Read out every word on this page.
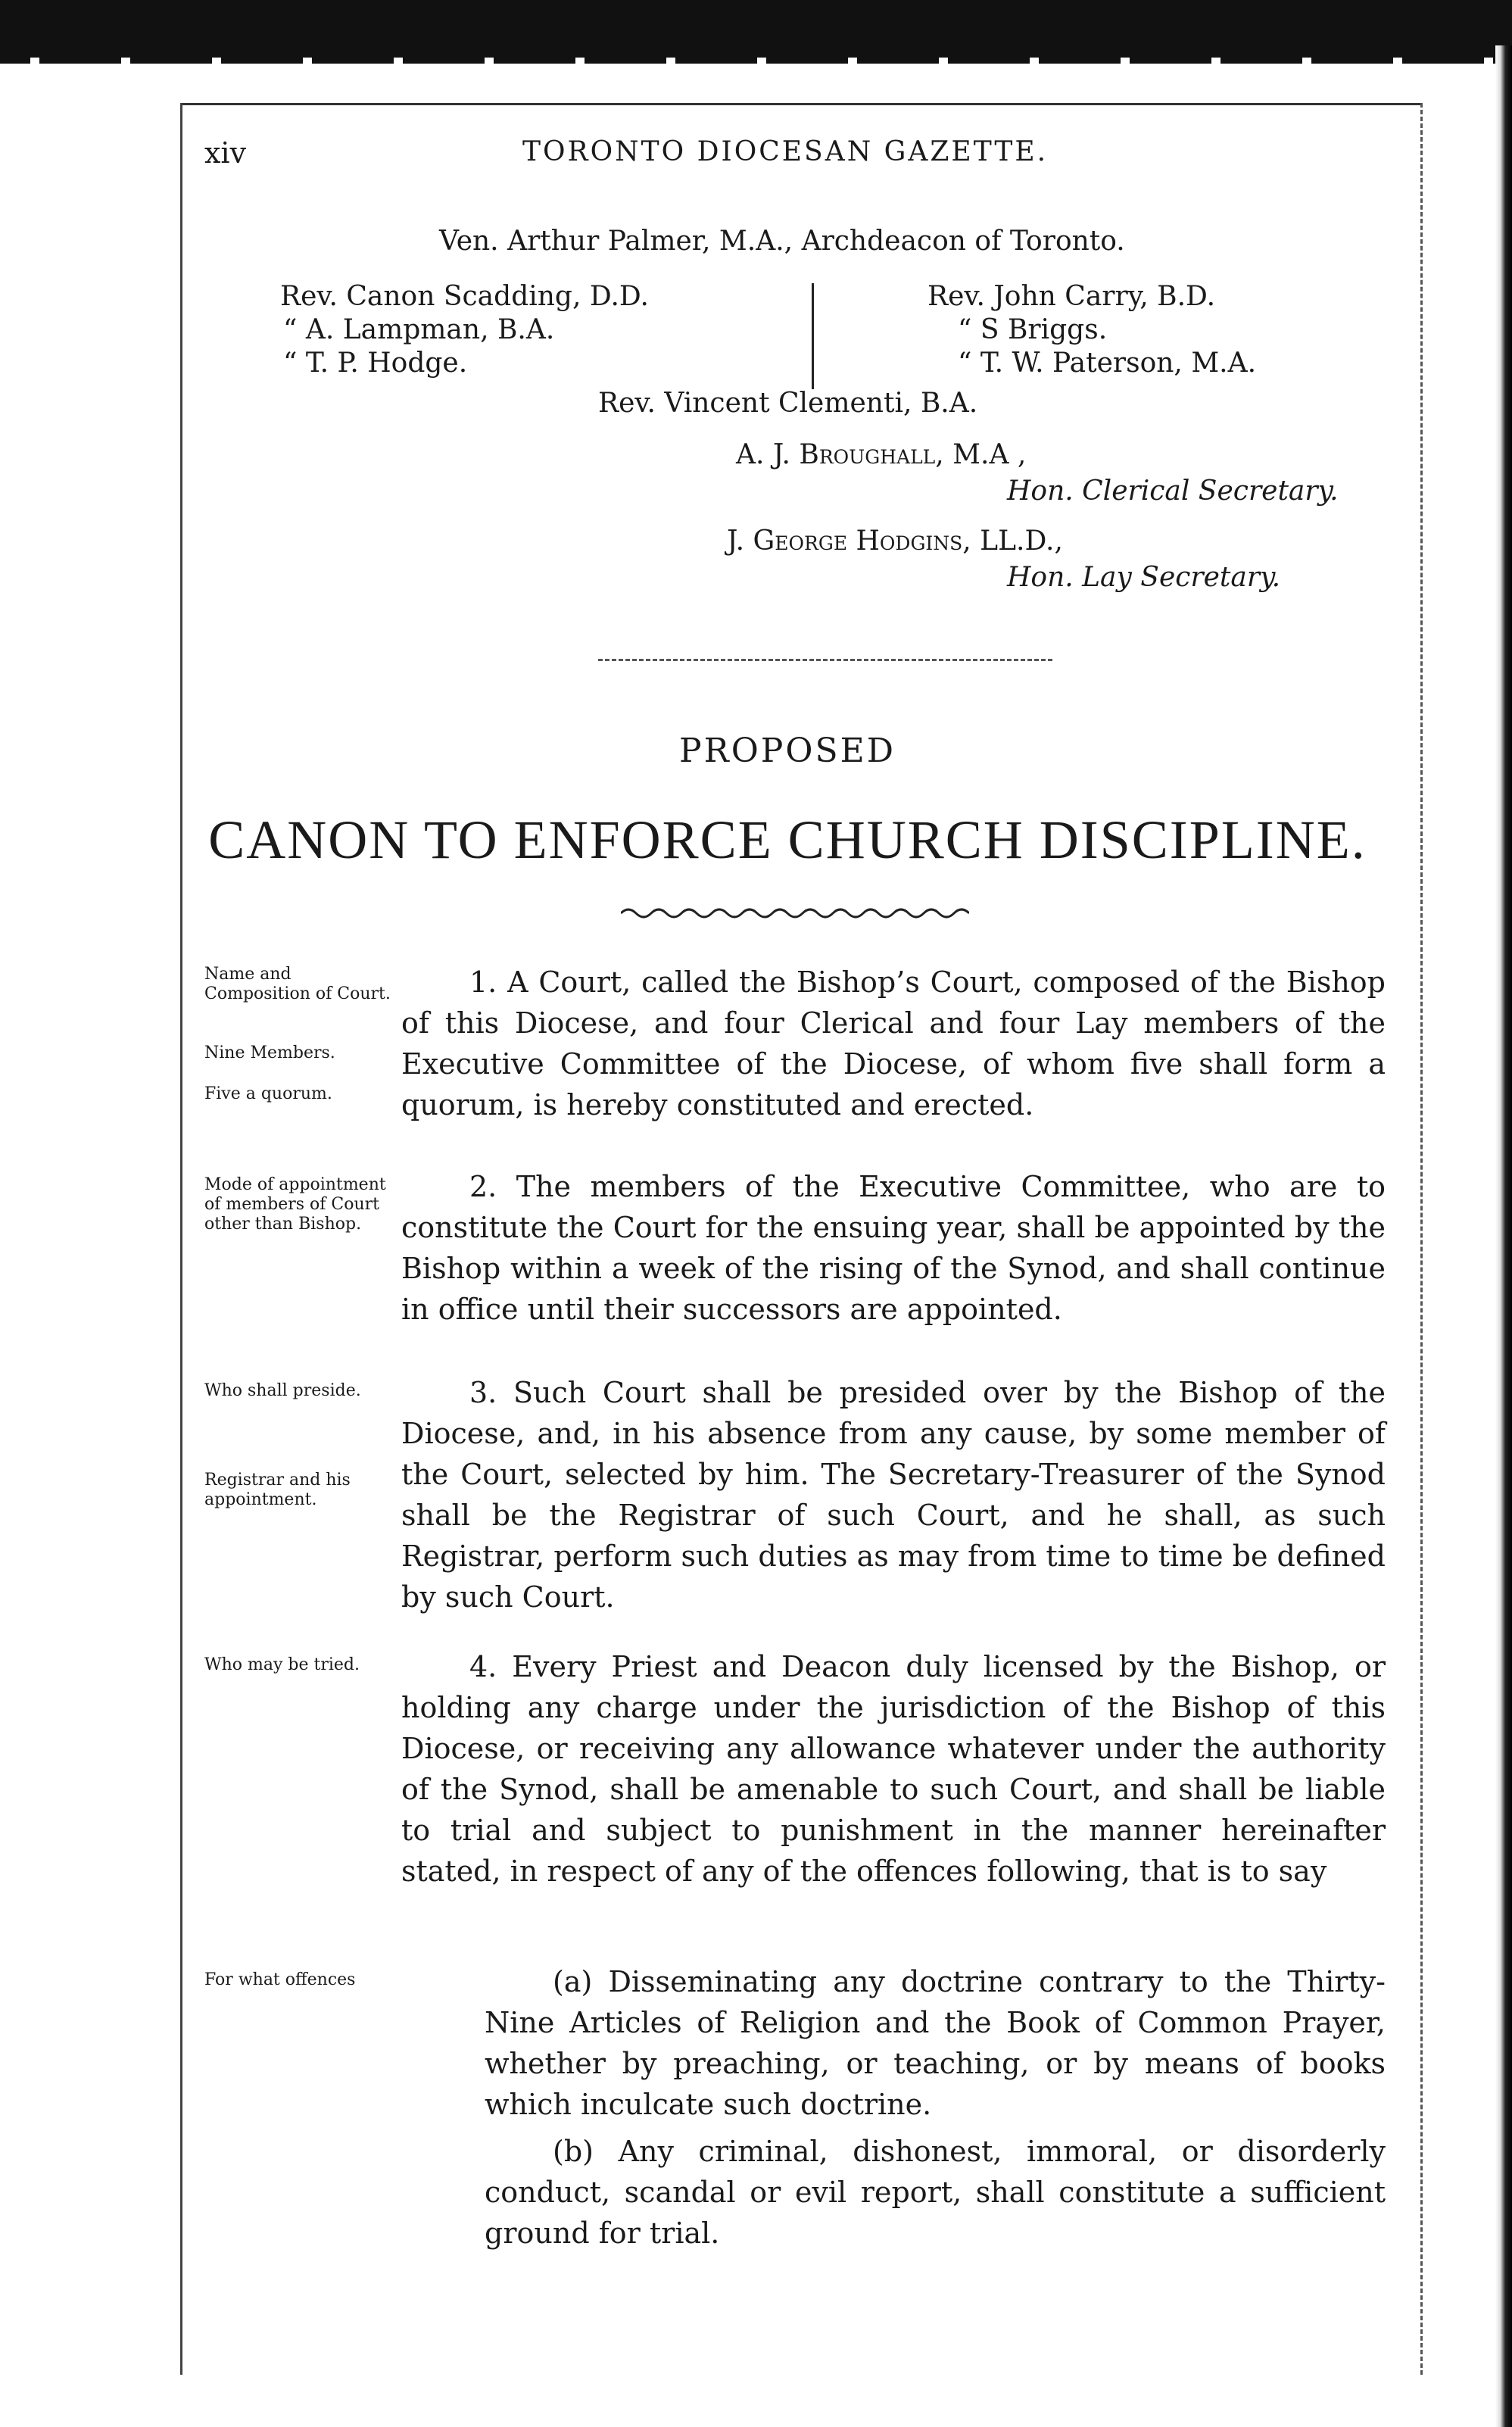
xiv	TORONTO DIOCESAN GAZETTE.
Ven. Arthur Palmer, M.A., Archdeacon of Toronto.
Rev. Canon Scadding, D.D.
“ A. Lampman, B.A.
“ T. P. Hodge.
Rev. John Carry, B.D.
“ S Briggs.
“ T. W. Paterson, M.A.
Rev. Vincent Clementi, B.A.
A. J. Broughall, M.A ,
Hon. Clerical Secretary.
J. George Hodgins, LL.D.,
Hon. Lay Secretary.
PROPOSED
CANON TO ENFORCE CHURCH DISCIPLINE.
Name and Composition of Court.
Nine Members.
Five a quorum.
1. A Court, called the Bishop’s Court, composed of the Bishop of this Diocese, and four Clerical and four Lay members of the Executive Committee of the Diocese, of whom five shall form a quorum, is hereby constituted and erected.
Mode of appointment of members of Court other than Bishop.
2. The members of the Executive Committee, who are to constitute the Court for the ensuing year, shall be appointed by the Bishop within a week of the rising of the Synod, and shall continue in office until their successors are appointed.
Who shall preside.
Registrar and his appointment.
3. Such Court shall be presided over by the Bishop of the Diocese, and, in his absence from any cause, by some member of the Court, selected by him. The Secretary-Treasurer of the Synod shall be the Registrar of such Court, and he shall, as such Registrar, perform such duties as may from time to time be defined by such Court.
Who may be tried.	4. Every Priest and Deacon duly licensed by the Bishop, or holding any charge under the jurisdiction of the Bishop of this Diocese, or receiving any allowance whatever under the authority of the Synod, shall be amenable to such Court, and shall be liable to trial and subject to punishment in the manner hereinafter stated, in respect of any of the offences following, that is to say
For what offences	(a) Disseminating any doctrine contrary to the Thirty-Nine Articles of Religion and the Book of Common Prayer, whether by preaching, or teaching, or by means of books which inculcate such doctrine.
(b) Any criminal, dishonest, immoral, or disorderly conduct, scandal or evil report, shall constitute a sufficient ground for trial.
